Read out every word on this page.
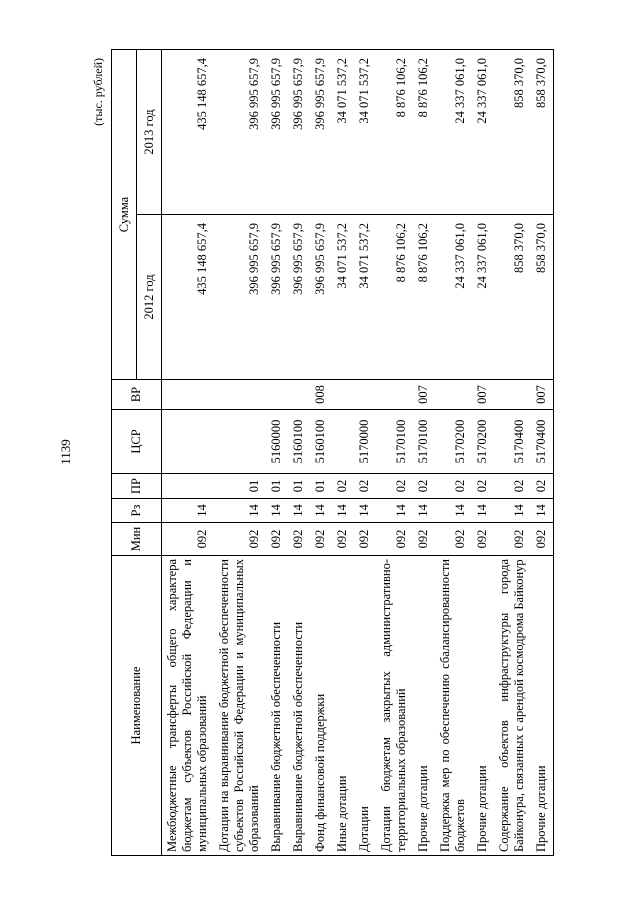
1139
(тыс. рублей)
Наименование	Мин	Рз	ПР	ЦСР	ВР	Сумма	
						2012 год	2013 год
Межбюджетные трансферты общего характера бюджетам субъектов Российской Федерации и муниципальных образований	092	14				435 148 657,4	435 148 657,4
Дотации на выравнивание бюджетной обеспеченности субъектов Российской Федерации и муниципальных образований	092	14	01			396 995 657,9	396 995 657,9
Выравнивание бюджетной обеспеченности	092	14	01	5160000		396 995 657,9	396 995 657,9
Выравнивание бюджетной обеспеченности	092	14	01	5160100		396 995 657,9	396 995 657,9
Фонд финансовой поддержки	092	14	01	5160100	008	396 995 657,9	396 995 657,9
Иные дотации	092	14	02			34 071 537,2	34 071 537,2
Дотации	092	14	02	5170000		34 071 537,2	34 071 537,2
Дотации бюджетам закрытых административно-территориальных образований	092	14	02	5170100		8 876 106,2	8 876 106,2
Прочие дотации	092	14	02	5170100	007	8 876 106,2	8 876 106,2
Поддержка мер по обеспечению сбалансированности бюджетов	092	14	02	5170200		24 337 061,0	24 337 061,0
Прочие дотации	092	14	02	5170200	007	24 337 061,0	24 337 061,0
Содержание объектов инфраструктуры города Байконура, связанных с арендой космодрома Байконур	092	14	02	5170400		858 370,0	858 370,0
Прочие дотации	092	14	02	5170400	007	858 370,0	858 370,0
